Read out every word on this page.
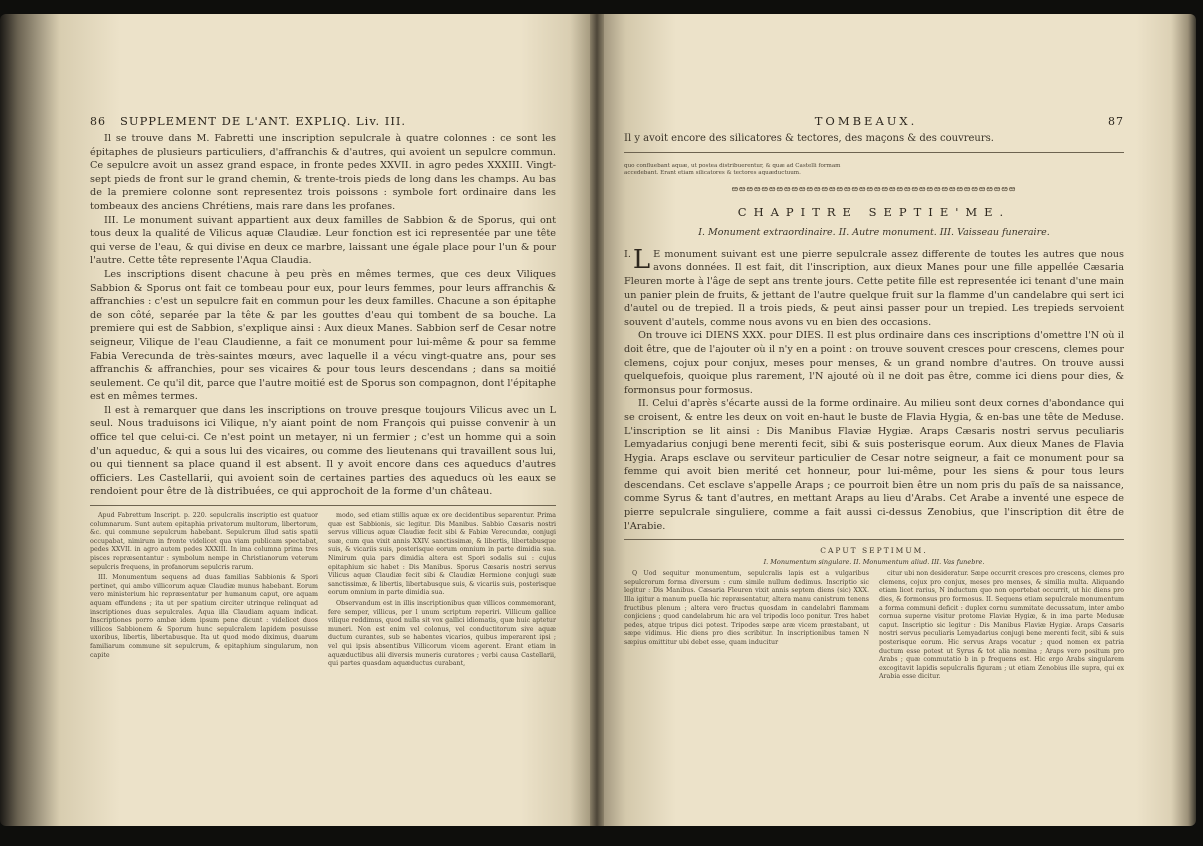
86	SUPPLEMENT DE L'ANT. EXPLIQ. Liv. III.

Il se trouve dans M. Fabretti une inscription sepulcrale à quatre colonnes : ce sont les épitaphes de plusieurs particuliers, d'affranchis & d'autres, qui avoient un sepulcre commun. Ce sepulcre avoit un assez grand espace, in fronte pedes XXVII. in agro pedes XXXIII. Vingt-sept pieds de front sur le grand chemin, & trente-trois pieds de long dans les champs. Au bas de la premiere colonne sont representez trois poissons : symbole fort ordinaire dans les tombeaux des anciens Chrétiens, mais rare dans les profanes.

III. Le monument suivant appartient aux deux familles de Sabbion & de Sporus, qui ont tous deux la qualité de Vilicus aquæ Claudiæ. Leur fonction est ici representée par une tête qui verse de l'eau, & qui divise en deux ce marbre, laissant une égale place pour l'un & pour l'autre. Cette tête represente l'Aqua Claudia.

Les inscriptions disent chacune à peu près en mêmes termes, que ces deux Viliques Sabbion & Sporus ont fait ce tombeau pour eux, pour leurs femmes, pour leurs affranchis & affranchies : c'est un sepulcre fait en commun pour les deux familles. Chacune a son épitaphe de son côté, separée par la tête & par les gouttes d'eau qui tombent de sa bouche. La premiere qui est de Sabbion, s'explique ainsi : Aux dieux Manes. Sabbion serf de Cesar notre seigneur, Vilique de l'eau Claudienne, a fait ce monument pour lui-même & pour sa femme Fabia Verecunda de très-saintes mœurs, avec laquelle il a vécu vingt-quatre ans, pour ses affranchis & affranchies, pour ses vicaires & pour tous leurs descendans ; dans sa moitié seulement. Ce qu'il dit, parce que l'autre moitié est de Sporus son compagnon, dont l'épitaphe est en mêmes termes.

Il est à remarquer que dans les inscriptions on trouve presque toujours Vilicus avec un L seul. Nous traduisons ici Vilique, n'y aiant point de nom François qui puisse convenir à un office tel que celui-ci. Ce n'est point un metayer, ni un fermier ; c'est un homme qui a soin d'un aqueduc, & qui a sous lui des vicaires, ou comme des lieutenans qui travaillent sous lui, ou qui tiennent sa place quand il est absent. Il y avoit encore dans ces aqueducs d'autres officiers. Les Castellarii, qui avoient soin de certaines parties des aqueducs où les eaux se rendoient pour être de là distribuées, ce qui approchoit de la forme d'un château.

Apud Fabrettum Inscript. p. 220. sepulcralis inscriptio est quatuor columnarum. Sunt autem epitaphia privatorum multorum, libertorum, &c. qui commune sepulcrum habebant. Sepulcrum illud satis spatii occupabat, nimirum in fronte videlicet qua viam publicam spectabat, pedes XXVII. in agro autem pedes XXXIII. In ima columna prima tres pisces repræsentantur : symbolum nempe in Christianorum veterum sepulcris frequens, in profanorum sepulcris rarum.

III. Monumentum sequens ad duas familias Sabbionis & Spori pertinet, qui ambo villicorum aquæ Claudiæ munus habebant. Eorum vero ministerium hic repræsentatur per humanum caput, ore aquam aquam effundens ; ita ut per spatium circiter utrinque relinquat ad inscriptiones duas sepulcrales. Aqua illa Claudiam aquam indicat. Inscriptiones porro ambæ idem ipsum pene dicunt : videlicet duos villicos Sabbionem & Sporum hunc sepulcralem lapidem posuisse uxoribus, libertis, libertabusque. Ita ut quod modo diximus, duarum familiarum commune sit sepulcrum, & epitaphium singularum, non capite

modo, sed etiam stillis aquæ ex ore decidentibus separentur. Prima quæ est Sabbionis, sic legitur. Dis Manibus. Sabbio Cæsaris nostri servus villicus aquæ Claudiæ fecit sibi & Fabiæ Verecundæ, conjugi suæ, cum qua vixit annis XXIV. sanctissimæ, & libertis, libertabusque suis, & vicariis suis, posterisque eorum omnium in parte dimidia sua. Nimirum quia pars dimidia altera est Spori sodalis sui : cujus epitaphium sic habet : Dis Manibus. Sporus Cæsaris nostri servus Vilicus aquæ Claudiæ fecit sibi & Claudiæ Hermione conjugi suæ sanctissimæ, & libertis, libertabusque suis, & vicariis suis, posterisque eorum omnium in parte dimidia sua.

Observandum est in illis inscriptionibus quæ villicos commemorant, fere semper, villicus, per l unum scriptum reperiri. Villicum gallice vilique reddimus, quod nulla sit vox gallici idiomatis, quæ huic aptetur muneri. Non est enim vel colonus, vel conductitorum sive aquæ ductum curantes, sub se habentes vicarios, quibus imperarent ipsi ; vel qui ipsis absentibus Villicorum vicem agerent. Erant etiam in aquæductibus alii diversis muneris curatores ; verbi causa Castellarii, qui partes quasdam aquæductus curabant,

TOMBEAUX.	87

Il y avoit encore des silicatores & tectores, des maçons & des couvreurs.

quo confluebant aquæ, ut postea distribuerentur, & quæ ad Castelli formam accedebant. Erant etiam silicatores & tectores aquæductuum.
ఴఴఴఴఴఴఴఴఴఴఴఴఴఴఴఴఴఴఴఴఴఴఴఴఴఴఴఴఴఴఴఴఴఴఴఴఴఴ
CHAPITRE SEPTIE'ME.
I. Monument extraordinaire. II. Autre monument. III. Vaisseau funeraire.
I. L E monument suivant est une pierre sepulcrale assez differente de toutes les autres que nous avons données. Il est fait, dit l'inscription, aux dieux Manes pour une fille appellée Cæsaria Fleuren morte à l'âge de sept ans trente jours. Cette petite fille est representée ici tenant d'une main un panier plein de fruits, & jettant de l'autre quelque fruit sur la flamme d'un candelabre qui sert ici d'autel ou de trepied. Il a trois pieds, & peut ainsi passer pour un trepied. Les trepieds servoient souvent d'autels, comme nous avons vu en bien des occasions.

On trouve ici DIENS XXX. pour DIES. Il est plus ordinaire dans ces inscriptions d'omettre l'N où il doit être, que de l'ajouter où il n'y en a point : on trouve souvent cresces pour crescens, clemes pour clemens, cojux pour conjux, meses pour menses, & un grand nombre d'autres. On trouve aussi quelquefois, quoique plus rarement, l'N ajouté où il ne doit pas être, comme ici diens pour dies, & formonsus pour formosus.

II. Celui d'après s'écarte aussi de la forme ordinaire. Au milieu sont deux cornes d'abondance qui se croisent, & entre les deux on voit en-haut le buste de Flavia Hygia, & en-bas une tête de Meduse. L'inscription se lit ainsi : Dis Manibus Flaviæ Hygiæ. Araps Cæsaris nostri servus peculiaris Lemyadarius conjugi bene merenti fecit, sibi & suis posterisque eorum. Aux dieux Manes de Flavia Hygia. Araps esclave ou serviteur particulier de Cesar notre seigneur, a fait ce monument pour sa femme qui avoit bien merité cet honneur, pour lui-même, pour les siens & pour tous leurs descendans. Cet esclave s'appelle Araps ; ce pourroit bien être un nom pris du païs de sa naissance, comme Syrus & tant d'autres, en mettant Araps au lieu d'Arabs. Cet Arabe a inventé une espece de pierre sepulcrale singuliere, comme a fait aussi ci-dessus Zenobius, que l'inscription dit être de l'Arabie.

CAPUT SEPTIMUM.
I. Monumentum singulare. II. Monumentum aliud. III. Vas funebre.

Q Uod sequitur monumentum, sepulcralis lapis est a vulgaribus sepulcrorum forma diversum : cum simile nullum dedimus. Inscriptio sic legitur : Dis Manibus. Cæsaria Fleuren vixit annis septem diens (sic) XXX. Illa igitur a manum puella hic repræsentatur, altera manu canistrum tenens fructibus plenum ; altera vero fructus quosdam in candelabri flammam conjiciens ; quod candelabrum hic ara vel tripodis loco ponitur. Tres habet pedes, atque tripus dici potest. Tripodes sæpe aræ vicem præstabant, ut sæpe vidimus. Hic diens pro dies scribitur. In inscriptionibus tamen N sæpius omittitur ubi debet esse, quam inducitur

citur ubi non desideratur. Sæpe occurrit cresces pro crescens, clemes pro clemens, cojux pro conjux, meses pro menses, & similia multa. Aliquando etiam licet rarius, N inductum quo non oportebat occurrit, ut hic diens pro dies, & formonsus pro formosus. II. Sequens etiam sepulcrale monumentum a forma communi deficit : duplex cornu summitate decussatum, inter ambo cornua superne visitur protome Flaviæ Hygiæ, & in ima parte Medusæ caput. Inscriptio sic legitur : Dis Manibus Flaviæ Hygiæ. Araps Cæsaris nostri servus peculiaris Lemyadarius conjugi bene merenti fecit, sibi & suis posterisque eorum. Hic servus Araps vocatur ; quod nomen ex patria ductum esse potest ut Syrus & tot alia nomina ; Araps vero positum pro Arabs ; quæ commutatio b in p frequens est. Hic ergo Arabs singularem excogitavit lapidis sepulcralis figuram ; ut etiam Zenobius ille supra, qui ex Arabia esse dicitur.
